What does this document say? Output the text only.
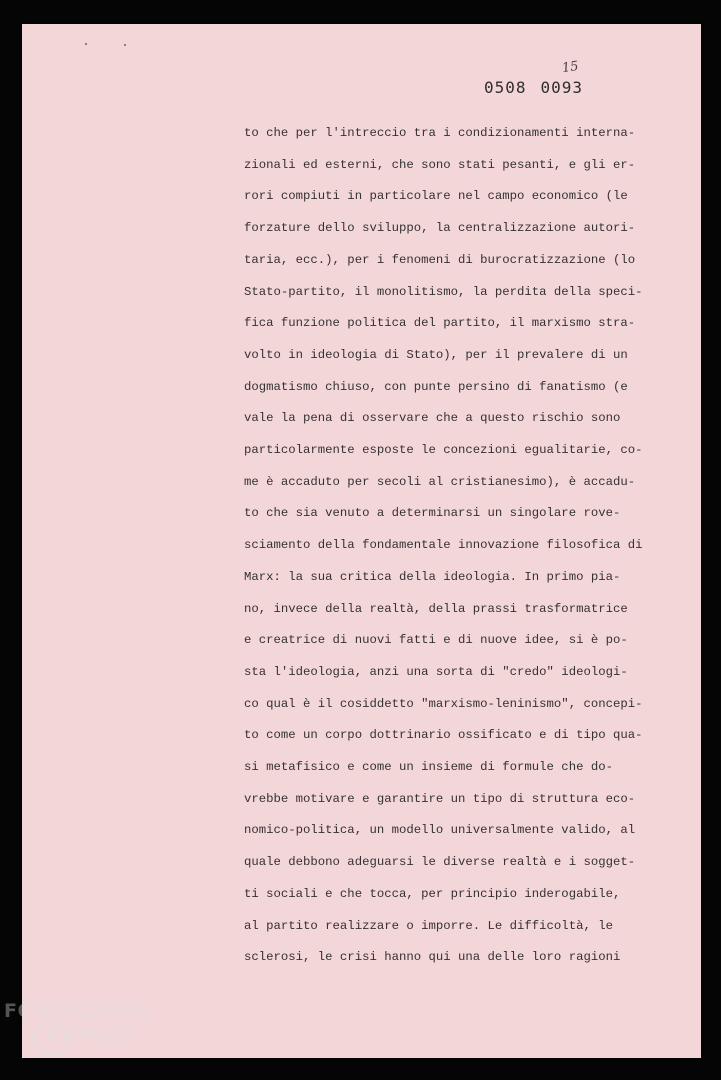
0508 0093
15
to che per l'intreccio tra i condizionamenti interna-
zionali ed esterni, che sono stati pesanti, e gli er-
rori compiuti in particolare nel campo economico (le
forzature dello sviluppo, la centralizzazione autori-
taria, ecc.), per i fenomeni di burocratizzazione (lo
Stato-partito, il monolitismo, la perdita della speci-
fica funzione politica del partito, il marxismo stra-
volto in ideologia di Stato), per il prevalere di un
dogmatismo chiuso, con punte persino di fanatismo (e
vale la pena di osservare che a questo rischio sono
particolarmente esposte le concezioni egualitarie, co-
me è accaduto per secoli al cristianesimo), è accadu-
to che sia venuto a determinarsi un singolare rove-
sciamento della fondamentale innovazione filosofica di
Marx: la sua critica della ideologia. In primo pia-
no, invece della realtà, della prassi trasformatrice
e creatrice di nuovi fatti e di nuove idee, si è po-
sta l'ideologia, anzi una sorta di "credo" ideologi-
co qual è il cosiddetto "marxismo-leninismo", concepi-
to come un corpo dottrinario ossificato e di tipo qua-
si metafisico e come un insieme di formule che do-
vrebbe motivare e garantire un tipo di struttura eco-
nomico-politica, un modello universalmente valido, al
quale debbono adeguarsi le diverse realtà e i sogget-
ti sociali e che tocca, per principio inderogabile,
al partito realizzare o imporre. Le difficoltà, le
sclerosi, le crisi hanno qui una delle loro ragioni
FONDAZIONE
RAMSCI
